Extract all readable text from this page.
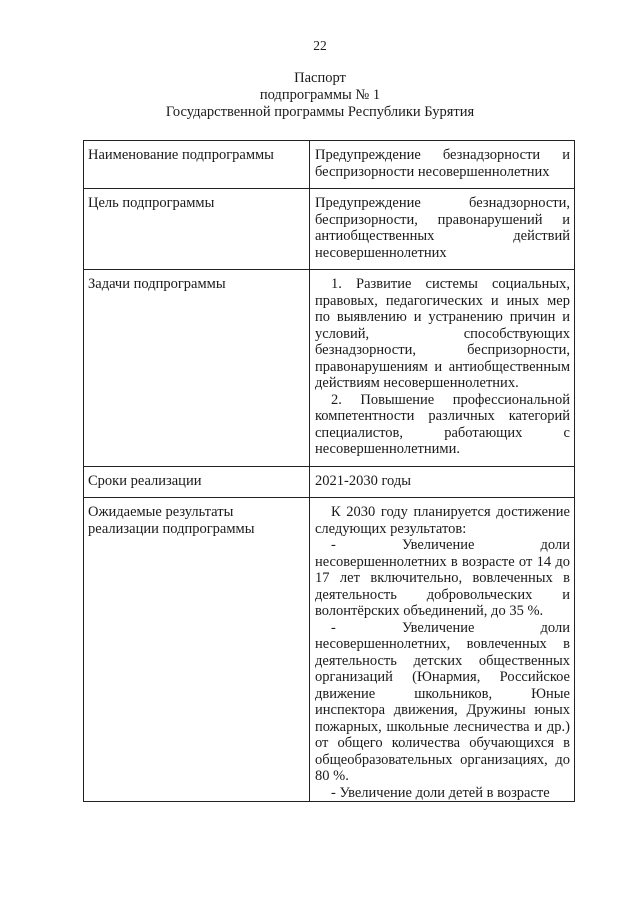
22
Паспорт
подпрограммы № 1
Государственной программы Республики Бурятия
Наименование подпрограммы	Предупреждение безнадзорности и беспризорности несовершеннолетних

Цель подпрограммы	Предупреждение безнадзорности, беспризорности, правонарушений и антиобщественных действий несовершеннолетних

Задачи подпрограммы	1. Развитие системы социальных, правовых, педагогических и иных мер по выявлению и устранению причин и условий, способствующих безнадзорности, беспризорности, правонарушениям и антиобщественным действиям несовершеннолетних.
2. Повышение профессиональной компетентности различных категорий специалистов, работающих с несовершеннолетними.

Сроки реализации	2021-2030 годы

Ожидаемые результаты реализации подпрограммы	К 2030 году планируется достижение следующих результатов:
- Увеличение доли несовершеннолетних в возрасте от 14 до 17 лет включительно, вовлеченных в деятельность добровольческих и волонтёрских объединений, до 35 %.
- Увеличение доли несовершеннолетних, вовлеченных в деятельность детских общественных организаций (Юнармия, Российское движение школьников, Юные инспектора движения, Дружины юных пожарных, школьные лесничества и др.) от общего количества обучающихся в общеобразовательных организациях, до 80 %.
- Увеличение доли детей в возрасте
